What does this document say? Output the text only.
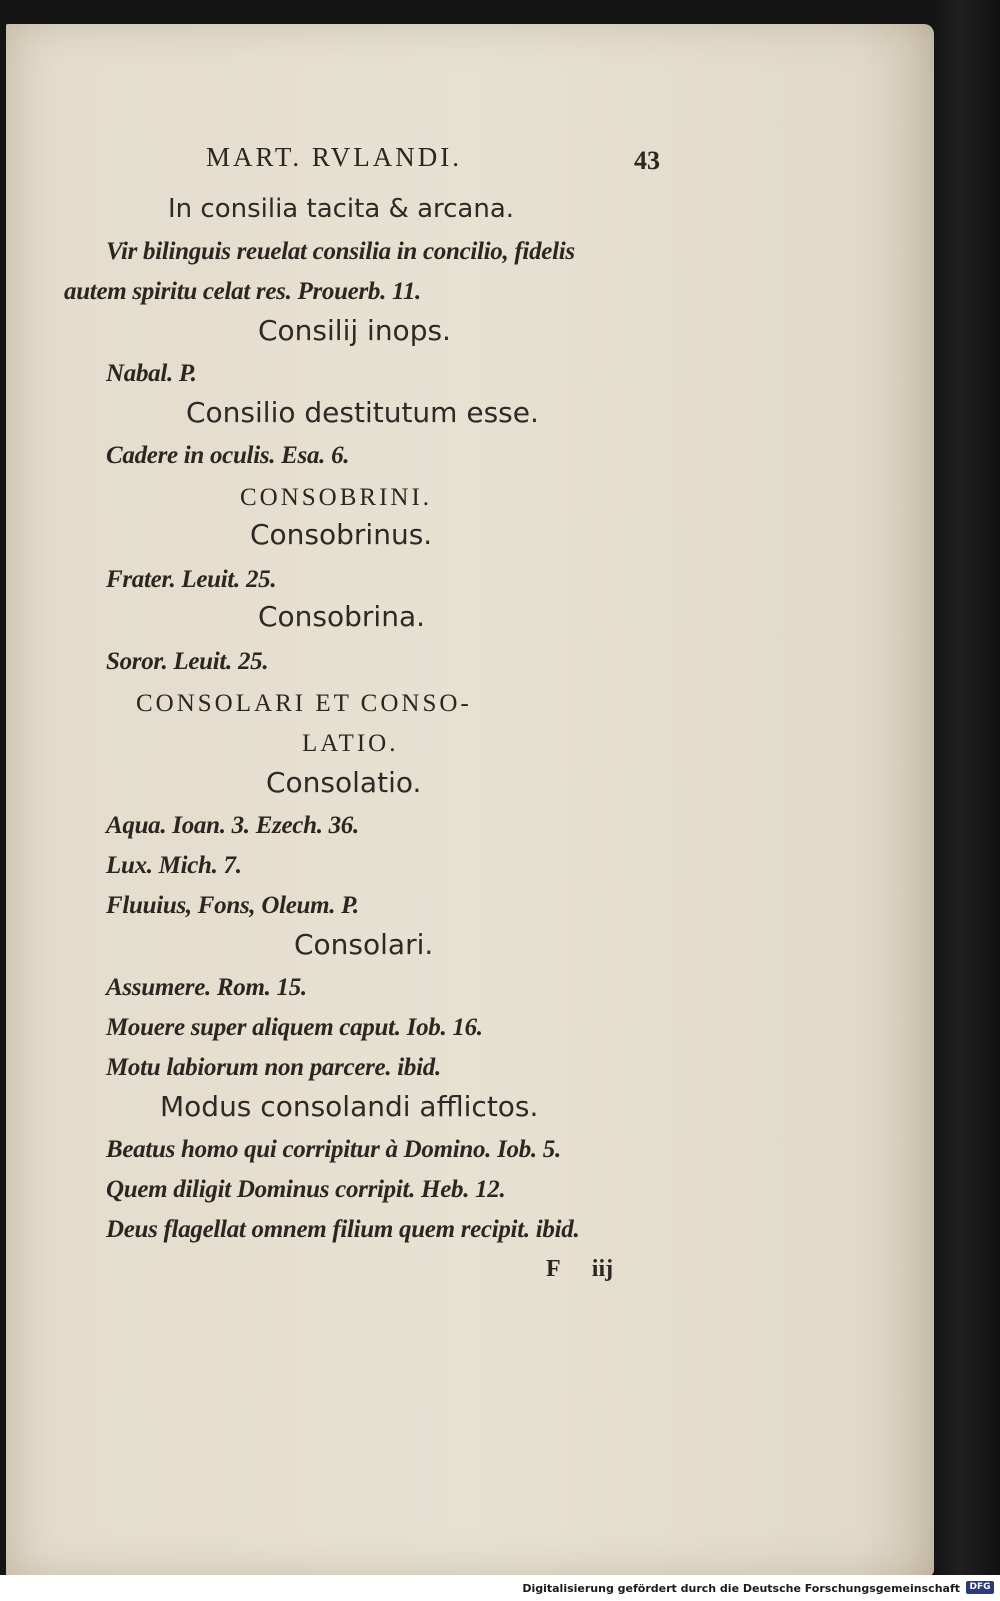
MART. RVLANDI.	43
In consilia tacita & arcana.
Vir bilinguis reuelat consilia in concilio, fidelis
autem spiritu celat res. Prouerb. 11.
Consilij inops.
Nabal. P.
Consilio destitutum esse.
Cadere in oculis. Esa. 6.
CONSOBRINI.
Consobrinus.
Frater. Leuit. 25.
Consobrina.
Soror. Leuit. 25.
CONSOLARI ET CONSO-
LATIO.
Consolatio.
Aqua. Ioan. 3. Ezech. 36.
Lux. Mich. 7.
Fluuius, Fons, Oleum. P.
Consolari.
Assumere. Rom. 15.
Mouere super aliquem caput. Iob. 16.
Motu labiorum non parcere. ibid.
Modus consolandi afflictos.
Beatus homo qui corripitur à Domino. Iob. 5.
Quem diligit Dominus corripit. Heb. 12.
Deus flagellat omnem filium quem recipit. ibid.
F iij
Digitalisierung gefördert durch die Deutsche Forschungsgemeinschaft	DFG
